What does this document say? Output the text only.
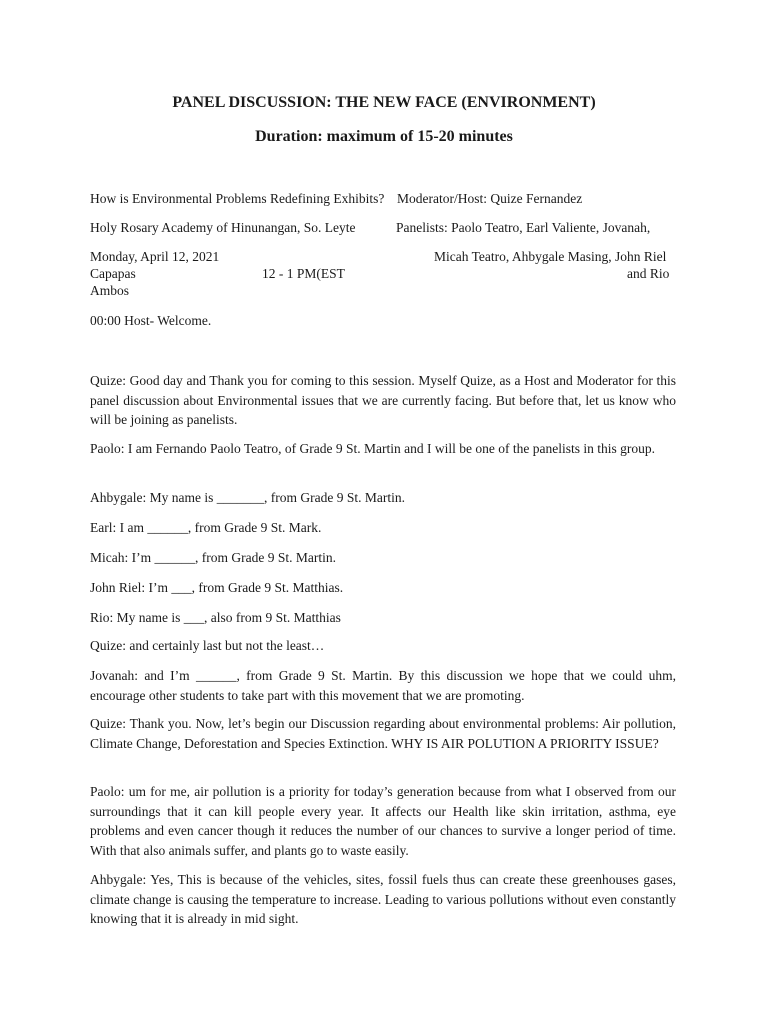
PANEL DISCUSSION: THE NEW FACE (ENVIRONMENT)
Duration: maximum of 15-20 minutes
How is Environmental Problems Redefining Exhibits? Moderator/Host: Quize Fernandez
Holy Rosary Academy of Hinunangan, So. Leyte	Panelists: Paolo Teatro, Earl Valiente, Jovanah,
Monday, April 12, 2021	Micah Teatro, Ahbygale Masing, John Riel
Capapas	12 - 1 PM(EST	and Rio
Ambos
00:00 Host- Welcome.
Quize: Good day and Thank you for coming to this session. Myself Quize, as a Host and Moderator for this panel discussion about Environmental issues that we are currently facing. But before that, let us know who will be joining as panelists.
Paolo: I am Fernando Paolo Teatro, of Grade 9 St. Martin and I will be one of the panelists in this group.
Ahbygale: My name is _______, from Grade 9 St. Martin.
Earl: I am ______, from Grade 9 St. Mark.
Micah: I’m ______, from Grade 9 St. Martin.
John Riel: I’m ___, from Grade 9 St. Matthias.
Rio: My name is ___, also from 9 St. Matthias
Quize: and certainly last but not the least…
Jovanah: and I’m ______, from Grade 9 St. Martin. By this discussion we hope that we could uhm, encourage other students to take part with this movement that we are promoting.
Quize: Thank you. Now, let’s begin our Discussion regarding about environmental problems: Air pollution, Climate Change, Deforestation and Species Extinction. WHY IS AIR POLUTION A PRIORITY ISSUE?
Paolo: um for me, air pollution is a priority for today’s generation because from what I observed from our surroundings that it can kill people every year. It affects our Health like skin irritation, asthma, eye problems and even cancer though it reduces the number of our chances to survive a longer period of time. With that also animals suffer, and plants go to waste easily.
Ahbygale: Yes, This is because of the vehicles, sites, fossil fuels thus can create these greenhouses gases, climate change is causing the temperature to increase. Leading to various pollutions without even constantly knowing that it is already in mid sight.
